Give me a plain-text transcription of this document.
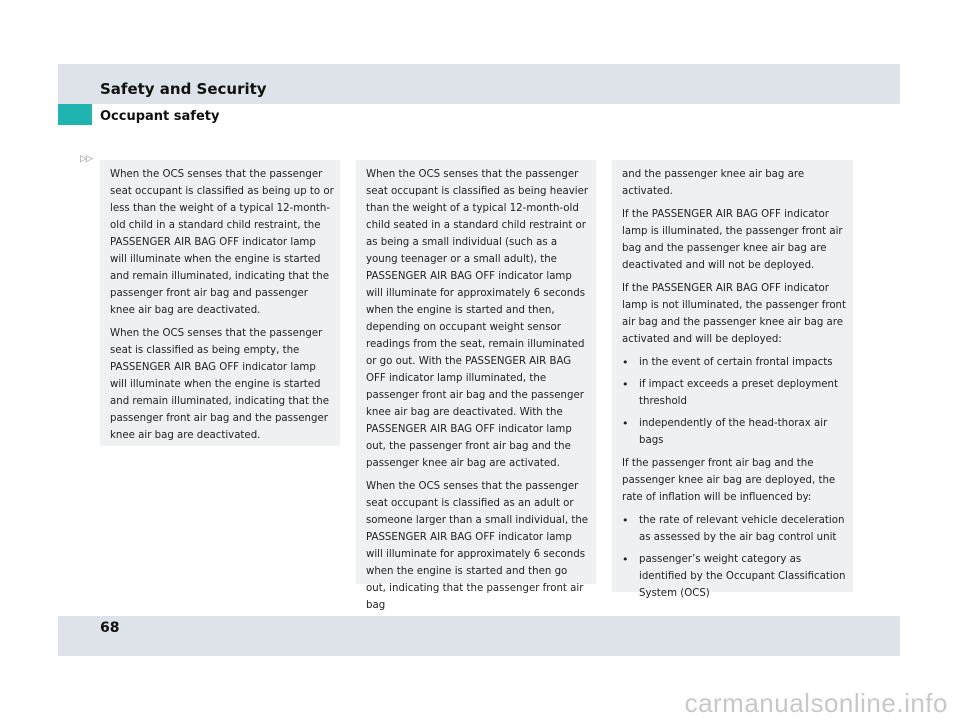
Safety and Security
Occupant safety
▷▷

When the OCS senses that the passenger seat occupant is classified as being up to or less than the weight of a typical 12-month-old child in a standard child restraint, the PASSENGER AIR BAG OFF indicator lamp will illuminate when the engine is started and remain illuminated, indicating that the passenger front air bag and passenger knee air bag are deactivated.

When the OCS senses that the passenger seat is classified as being empty, the PASSENGER AIR BAG OFF indicator lamp will illuminate when the engine is started and remain illuminated, indicating that the passenger front air bag and the passenger knee air bag are deactivated.

When the OCS senses that the passenger seat occupant is classified as being heavier than the weight of a typical 12-month-old child seated in a standard child restraint or as being a small individual (such as a young teenager or a small adult), the PASSENGER AIR BAG OFF indicator lamp will illuminate for approximately 6 seconds when the engine is started and then, depending on occupant weight sensor readings from the seat, remain illuminated or go out. With the PASSENGER AIR BAG OFF indicator lamp illuminated, the passenger front air bag and the passenger knee air bag are deactivated. With the PASSENGER AIR BAG OFF indicator lamp out, the passenger front air bag and the passenger knee air bag are activated.

When the OCS senses that the passenger seat occupant is classified as an adult or someone larger than a small individual, the PASSENGER AIR BAG OFF indicator lamp will illuminate for approximately 6 seconds when the engine is started and then go out, indicating that the passenger front air bag

and the passenger knee air bag are activated.

If the PASSENGER AIR BAG OFF indicator lamp is illuminated, the passenger front air bag and the passenger knee air bag are deactivated and will not be deployed.

If the PASSENGER AIR BAG OFF indicator lamp is not illuminated, the passenger front air bag and the passenger knee air bag are activated and will be deployed:

• in the event of certain frontal impacts
• if impact exceeds a preset deployment threshold
• independently of the head-thorax air bags

If the passenger front air bag and the passenger knee air bag are deployed, the rate of inflation will be influenced by:

• the rate of relevant vehicle deceleration as assessed by the air bag control unit
• passenger’s weight category as identified by the Occupant Classification System (OCS)
68
carmanualsonline.info
